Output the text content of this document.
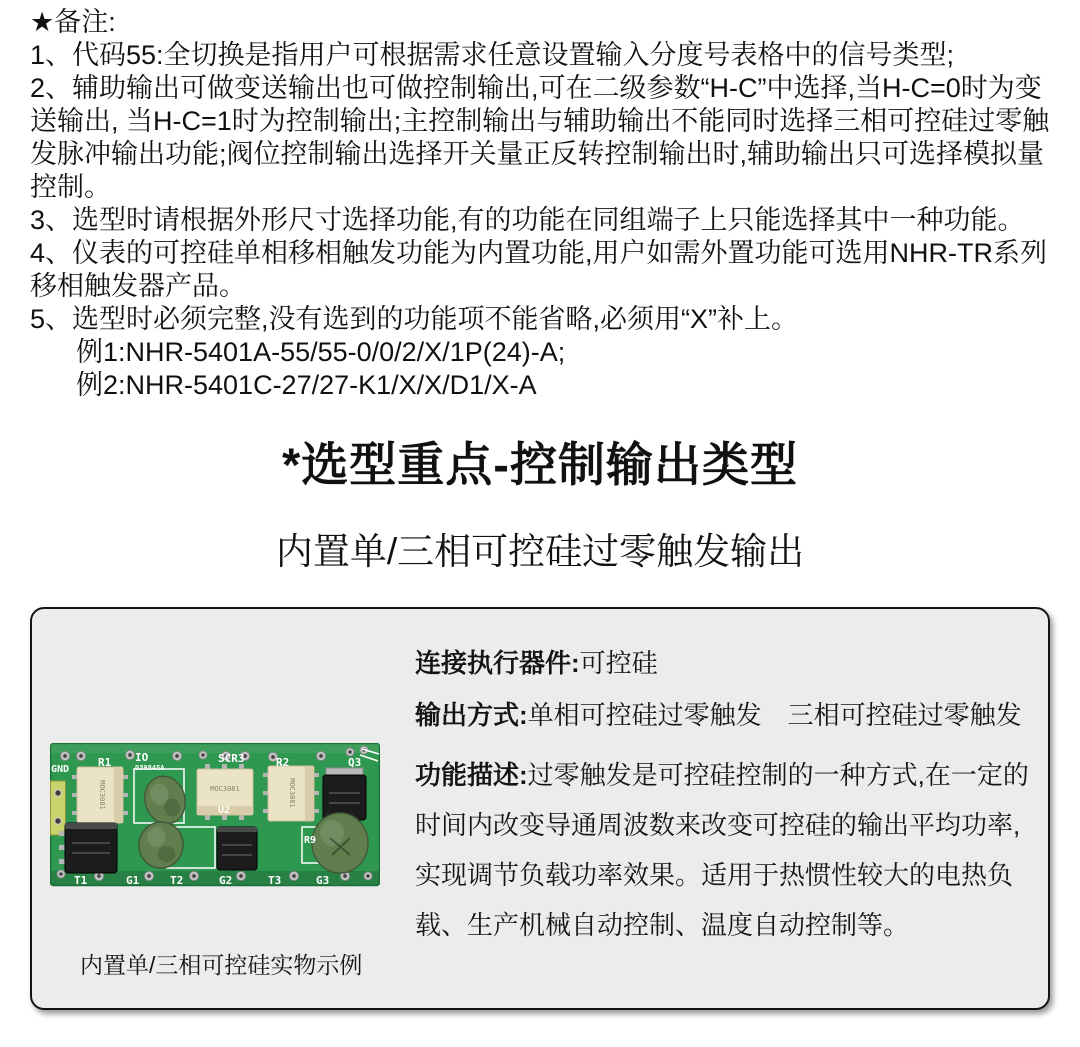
★备注:
1、代码55:全切换是指用户可根据需求任意设置输入分度号表格中的信号类型;
2、辅助输出可做变送输出也可做控制输出,可在二级参数“H-C”中选择,当H-C=0时为变送输出, 当H-C=1时为控制输出;主控制输出与辅助输出不能同时选择三相可控硅过零触发脉冲输出功能;阀位控制输出选择开关量正反转控制输出时,辅助输出只可选择模拟量控制。
3、选型时请根据外形尺寸选择功能,有的功能在同组端子上只能选择其中一种功能。
4、仪表的可控硅单相移相触发功能为内置功能,用户如需外置功能可选用NHR-TR系列移相触发器产品。
5、选型时必须完整,没有选到的功能项不能省略,必须用“X”补上。
例1:NHR-5401A-55/55-0/0/2/X/1P(24)-A;
例2:NHR-5401C-27/27-K1/X/X/D1/X-A
*选型重点-控制输出类型
内置单/三相可控硅过零触发输出
MOC3081	MOC3081	MOC3081
GND
R1 IO
D39845A
SCR3	R2	Q3
U2
R9
T1	G1	T2	G2	T3	G3
连接执行器件:可控硅
输出方式:单相可控硅过零触发　三相可控硅过零触发
功能描述:过零触发是可控硅控制的一种方式,在一定的时间内改变导通周波数来改变可控硅的输出平均功率,实现调节负载功率效果。适用于热惯性较大的电热负载、生产机械自动控制、温度自动控制等。
内置单/三相可控硅实物示例
